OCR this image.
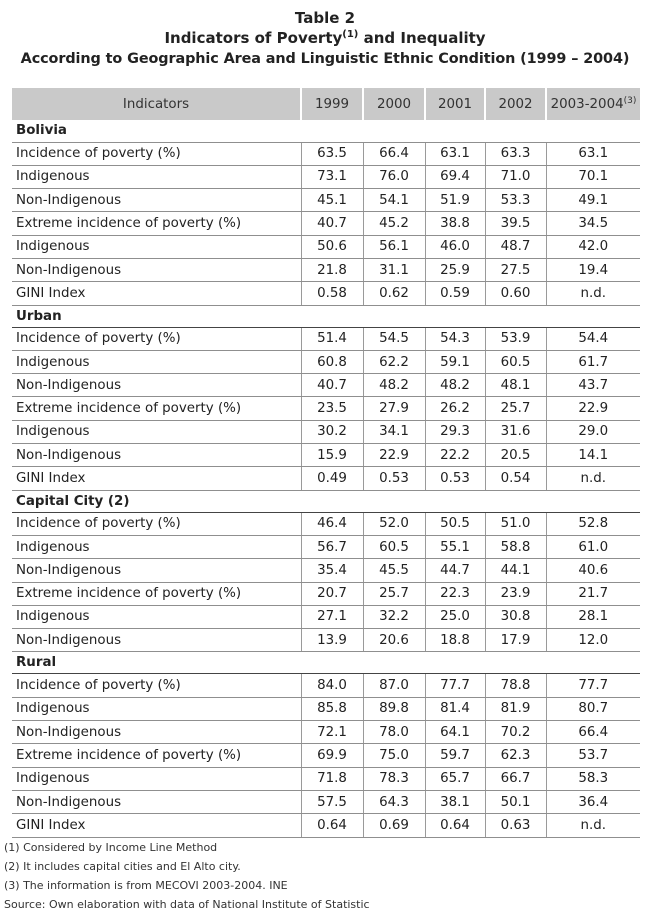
Table 2
Indicators of Poverty$^{(1)}$ and Inequality
According to Geographic Area and Linguistic Ethnic Condition (1999 – 2004)
Indicators	1999	2000	2001	2002	2003-2004$^{(3)}$
Bolivia					
Incidence of poverty (%)	63.5	66.4	63.1	63.3	63.1
Indigenous	73.1	76.0	69.4	71.0	70.1
Non-Indigenous	45.1	54.1	51.9	53.3	49.1
Extreme incidence of poverty (%)	40.7	45.2	38.8	39.5	34.5
Indigenous	50.6	56.1	46.0	48.7	42.0
Non-Indigenous	21.8	31.1	25.9	27.5	19.4
GINI Index	0.58	0.62	0.59	0.60	n.d.
Urban					
Incidence of poverty (%)	51.4	54.5	54.3	53.9	54.4
Indigenous	60.8	62.2	59.1	60.5	61.7
Non-Indigenous	40.7	48.2	48.2	48.1	43.7
Extreme incidence of poverty (%)	23.5	27.9	26.2	25.7	22.9
Indigenous	30.2	34.1	29.3	31.6	29.0
Non-Indigenous	15.9	22.9	22.2	20.5	14.1
GINI Index	0.49	0.53	0.53	0.54	n.d.
Capital City (2)					
Incidence of poverty (%)	46.4	52.0	50.5	51.0	52.8
Indigenous	56.7	60.5	55.1	58.8	61.0
Non-Indigenous	35.4	45.5	44.7	44.1	40.6
Extreme incidence of poverty (%)	20.7	25.7	22.3	23.9	21.7
Indigenous	27.1	32.2	25.0	30.8	28.1
Non-Indigenous	13.9	20.6	18.8	17.9	12.0
Rural					
Incidence of poverty (%)	84.0	87.0	77.7	78.8	77.7
Indigenous	85.8	89.8	81.4	81.9	80.7
Non-Indigenous	72.1	78.0	64.1	70.2	66.4
Extreme incidence of poverty (%)	69.9	75.0	59.7	62.3	53.7
Indigenous	71.8	78.3	65.7	66.7	58.3
Non-Indigenous	57.5	64.3	38.1	50.1	36.4
GINI Index	0.64	0.69	0.64	0.63	n.d.
(1) Considered by Income Line Method
(2) It includes capital cities and El Alto city.
(3) The information is from MECOVI 2003-2004. INE
Source: Own elaboration with data of National Institute of Statistic
